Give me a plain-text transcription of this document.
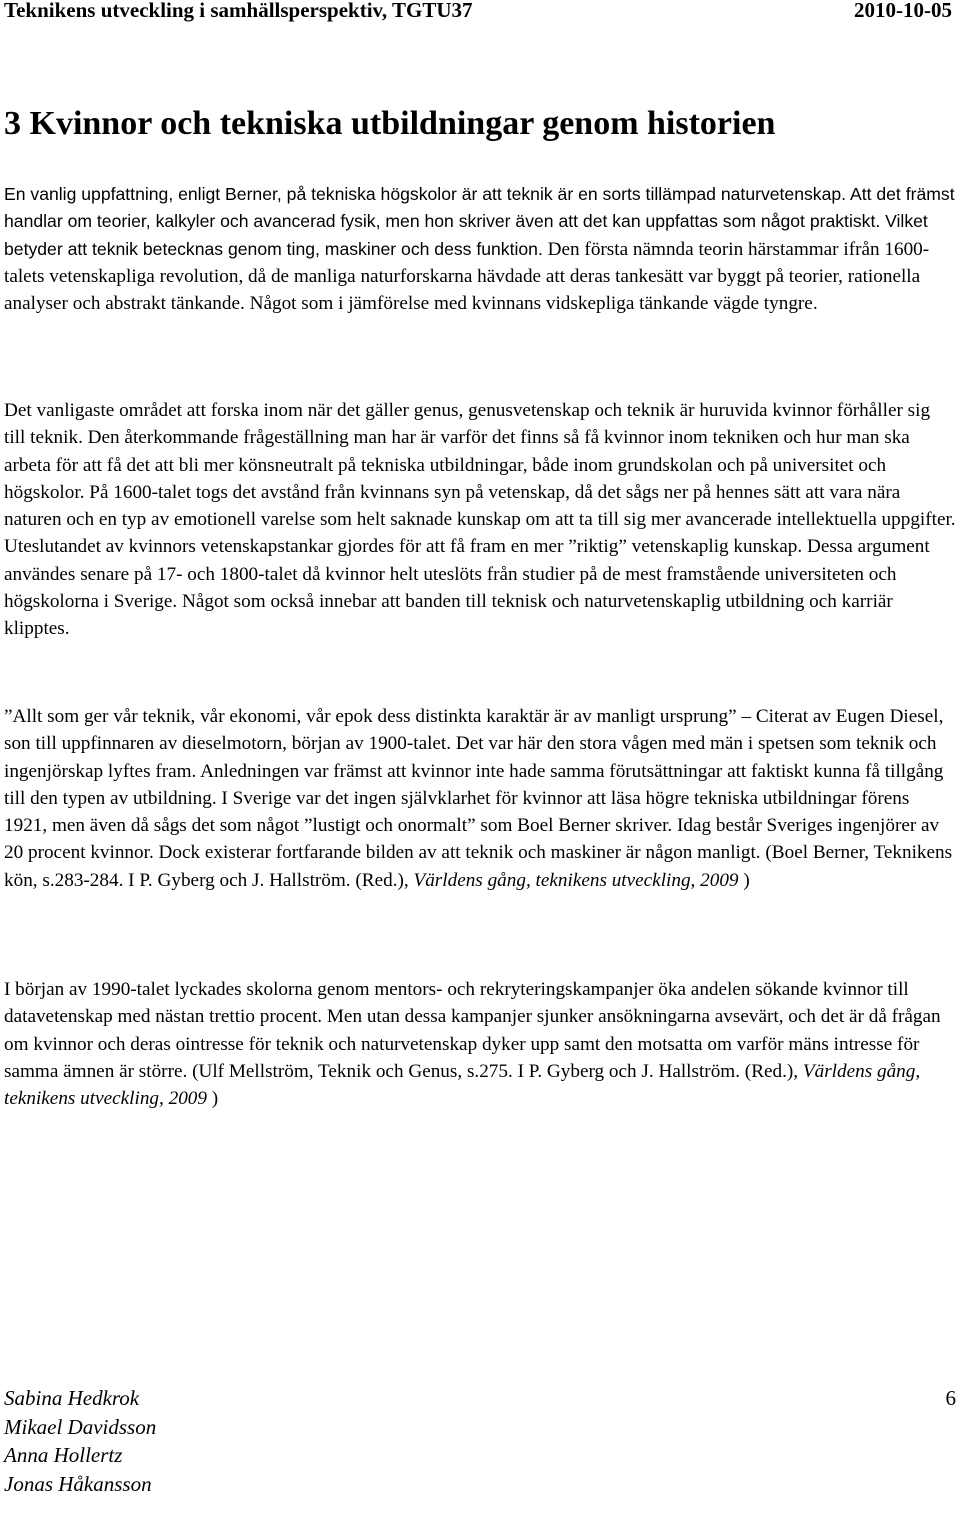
Teknikens utveckling i samhällsperspektiv, TGTU37	2010-10-05
3 Kvinnor och tekniska utbildningar genom historien

En vanlig uppfattning, enligt Berner, på tekniska högskolor är att teknik är en sorts tillämpad naturvetenskap. Att det främst handlar om teorier, kalkyler och avancerad fysik, men hon skriver även att det kan uppfattas som något praktiskt. Vilket betyder att teknik betecknas genom ting, maskiner och dess funktion. Den första nämnda teorin härstammar ifrån 1600-talets vetenskapliga revolution, då de manliga naturforskarna hävdade att deras tankesätt var byggt på teorier, rationella analyser och abstrakt tänkande. Något som i jämförelse med kvinnans vidskepliga tänkande vägde tyngre.

Det vanligaste området att forska inom när det gäller genus, genusvetenskap och teknik är huruvida kvinnor förhåller sig till teknik. Den återkommande frågeställning man har är varför det finns så få kvinnor inom tekniken och hur man ska arbeta för att få det att bli mer könsneutralt på tekniska utbildningar, både inom grundskolan och på universitet och högskolor. På 1600-talet togs det avstånd från kvinnans syn på vetenskap, då det sågs ner på hennes sätt att vara nära naturen och en typ av emotionell varelse som helt saknade kunskap om att ta till sig mer avancerade intellektuella uppgifter. Uteslutandet av kvinnors vetenskapstankar gjordes för att få fram en mer ”riktig” vetenskaplig kunskap. Dessa argument användes senare på 17- och 1800-talet då kvinnor helt uteslöts från studier på de mest framstående universiteten och högskolorna i Sverige. Något som också innebar att banden till teknisk och naturvetenskaplig utbildning och karriär klipptes.

”Allt som ger vår teknik, vår ekonomi, vår epok dess distinkta karaktär är av manligt ursprung” – Citerat av Eugen Diesel, son till uppfinnaren av dieselmotorn, början av 1900-talet. Det var här den stora vågen med män i spetsen som teknik och ingenjörskap lyftes fram. Anledningen var främst att kvinnor inte hade samma förutsättningar att faktiskt kunna få tillgång till den typen av utbildning. I Sverige var det ingen självklarhet för kvinnor att läsa högre tekniska utbildningar förens 1921, men även då sågs det som något ”lustigt och onormalt” som Boel Berner skriver. Idag består Sveriges ingenjörer av 20 procent kvinnor. Dock existerar fortfarande bilden av att teknik och maskiner är någon manligt. (Boel Berner, Teknikens kön, s.283-284. I P. Gyberg och J. Hallström. (Red.), Världens gång, teknikens utveckling, 2009 )

I början av 1990-talet lyckades skolorna genom mentors- och rekryteringskampanjer öka andelen sökande kvinnor till datavetenskap med nästan trettio procent. Men utan dessa kampanjer sjunker ansökningarna avsevärt, och det är då frågan om kvinnor och deras ointresse för teknik och naturvetenskap dyker upp samt den motsatta om varför mäns intresse för samma ämnen är större. (Ulf Mellström, Teknik och Genus, s.275. I P. Gyberg och J. Hallström. (Red.), Världens gång, teknikens utveckling, 2009 )

6
Sabina Hedkrok
Mikael Davidsson
Anna Hollertz
Jonas Håkansson
